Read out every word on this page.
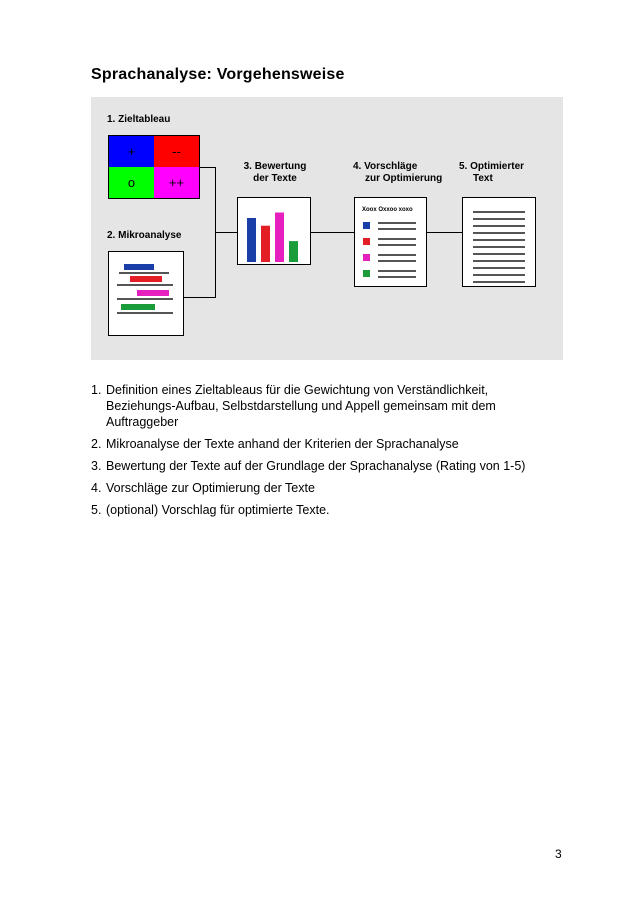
Sprachanalyse: Vorgehensweise
1. Zieltableau
+	--
o	++
2. Mikroanalyse
3. Bewertung
der Texte
4. Vorschläge
zur Optimierung
Xoox Oxxoo xoxo
5. Optimierter
Text
1. Definition eines Zieltableaus für die Gewichtung von Verständlichkeit, Beziehungs-Aufbau, Selbstdarstellung und Appell gemeinsam mit dem Auftraggeber
2. Mikroanalyse der Texte anhand der Kriterien der Sprachanalyse
3. Bewertung der Texte auf der Grundlage der Sprachanalyse (Rating von 1-5)
4. Vorschläge zur Optimierung der Texte
5. (optional) Vorschlag für optimierte Texte.
3
